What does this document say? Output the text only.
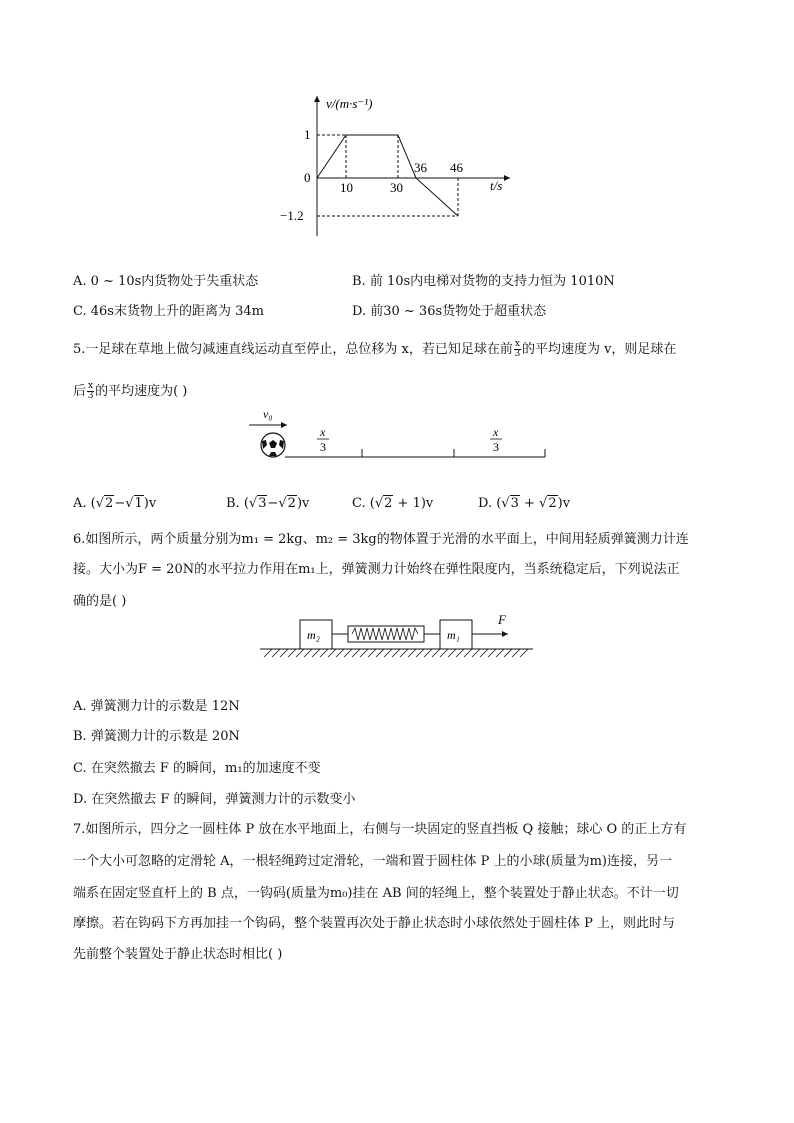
v/(m·s⁻¹)
t/s
1
0
−1.2
10	30
36 46
A. 0 ~ 10s内货物处于失重状态	B. 前 10s内电梯对货物的支持力恒为 1010N
C. 46s末货物上升的距离为 34m	D. 前30 ~ 36s货物处于超重状态
5.一足球在草地上做匀减速直线运动直至停止，总位移为 x，若已知足球在前 $\frac{x}{3}$ 的平均速度为 v，则足球在
后 $\frac{x}{3}$ 的平均速度为( )
v₀
x
3
x
3
A. (√2−√1)v	B. (√3−√2)v	C. (√2 + 1)v	D. (√3 + √2)v
6.如图所示，两个质量分别为m₁ = 2kg、m₂ = 3kg的物体置于光滑的水平面上，中间用轻质弹簧测力计连
接。大小为F = 20N的水平拉力作用在m₁上，弹簧测力计始终在弹性限度内，当系统稳定后，下列说法正
确的是( )
m₂	m₁
F
A. 弹簧测力计的示数是 12N
B. 弹簧测力计的示数是 20N
C. 在突然撤去 F 的瞬间，m₁的加速度不变
D. 在突然撤去 F 的瞬间，弹簧测力计的示数变小
7.如图所示，四分之一圆柱体 P 放在水平地面上，右侧与一块固定的竖直挡板 Q 接触；球心 O 的正上方有
一个大小可忽略的定滑轮 A，一根轻绳跨过定滑轮，一端和置于圆柱体 P 上的小球(质量为m)连接，另一
端系在固定竖直杆上的 B 点，一钩码(质量为m₀)挂在 AB 间的轻绳上，整个装置处于静止状态。不计一切
摩擦。若在钩码下方再加挂一个钩码，整个装置再次处于静止状态时小球依然处于圆柱体 P 上，则此时与
先前整个装置处于静止状态时相比( )
